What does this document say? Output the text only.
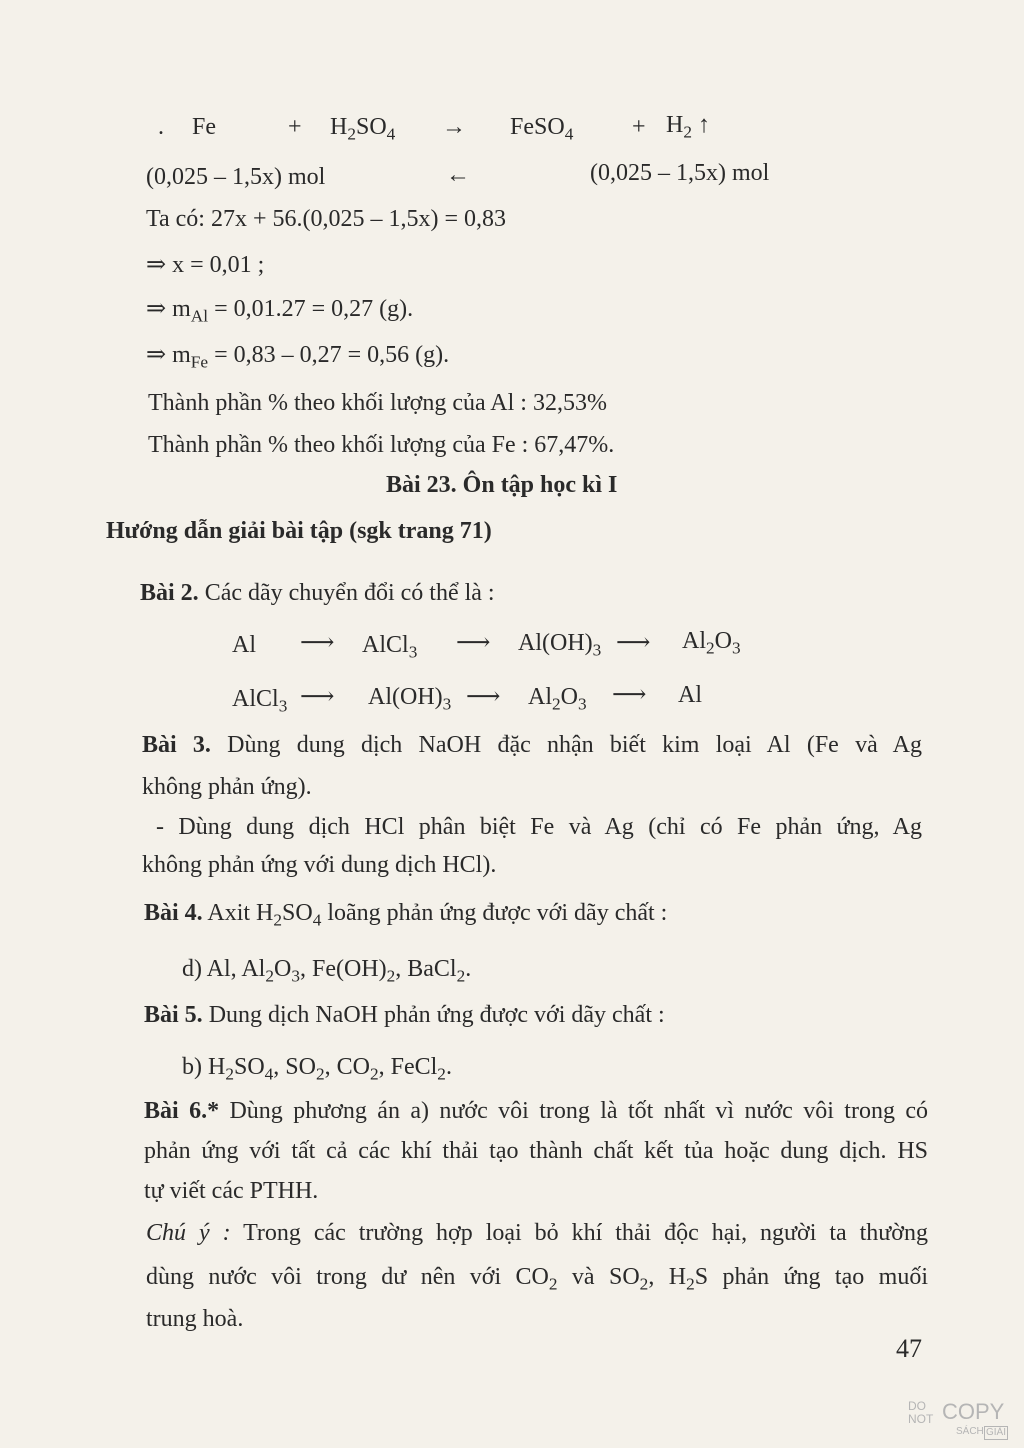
. Fe	+ $H_2SO_4$ → FeSO$_4$ + $H_2$ ↑
(0,025 – 1,5x) mol	←	(0,025 – 1,5x) mol
Ta có: 27x + 56.(0,025 – 1,5x) = 0,83
⇒ x = 0,01 ;
⇒ $m_{Al} = 0,01.27 = 0,27$ (g).
⇒ $m_{Fe} = 0,83 - 0,27 = 0,56$ (g).
Thành phần % theo khối lượng của Al : 32,53%
Thành phần % theo khối lượng của Fe : 67,47%.
Bài 23. Ôn tập học kì I
Hướng dẫn giải bài tập (sgk trang 71)
Bài 2. Các dãy chuyển đổi có thể là :
Al ⟶ AlCl$_3$ ⟶ $Al(OH)_3$ ⟶ $Al_2O_3$
AlCl$_3$ ⟶ $Al(OH)_3$ ⟶ $Al_2O_3$ ⟶ Al
Bài 3. Dùng dung dịch NaOH đặc nhận biết kim loại Al (Fe và Ag
không phản ứng).
- Dùng dung dịch HCl phân biệt Fe và Ag (chỉ có Fe phản ứng, Ag
không phản ứng với dung dịch HCl).
Bài 4. Axit $H_2SO_4$ loãng phản ứng được với dãy chất :
d) Al, $Al_2O_3$, $Fe(OH)_2$, BaCl$_2$.
Bài 5. Dung dịch NaOH phản ứng được với dãy chất :
b) $H_2SO_4$, $SO_2$, $CO_2$, FeCl$_2$.
Bài 6.* Dùng phương án a) nước vôi trong là tốt nhất vì nước vôi trong có
phản ứng với tất cả các khí thải tạo thành chất kết tủa hoặc dung dịch. HS
tự viết các PTHH.
Chú ý : Trong các trường hợp loại bỏ khí thải độc hại, người ta thường
dùng nước vôi trong dư nên với $CO_2$ và $SO_2$, $H_2S$ phản ứng tạo muối
trung hoà.
47
DO
NOT COPY
SÁCH GIẢI
